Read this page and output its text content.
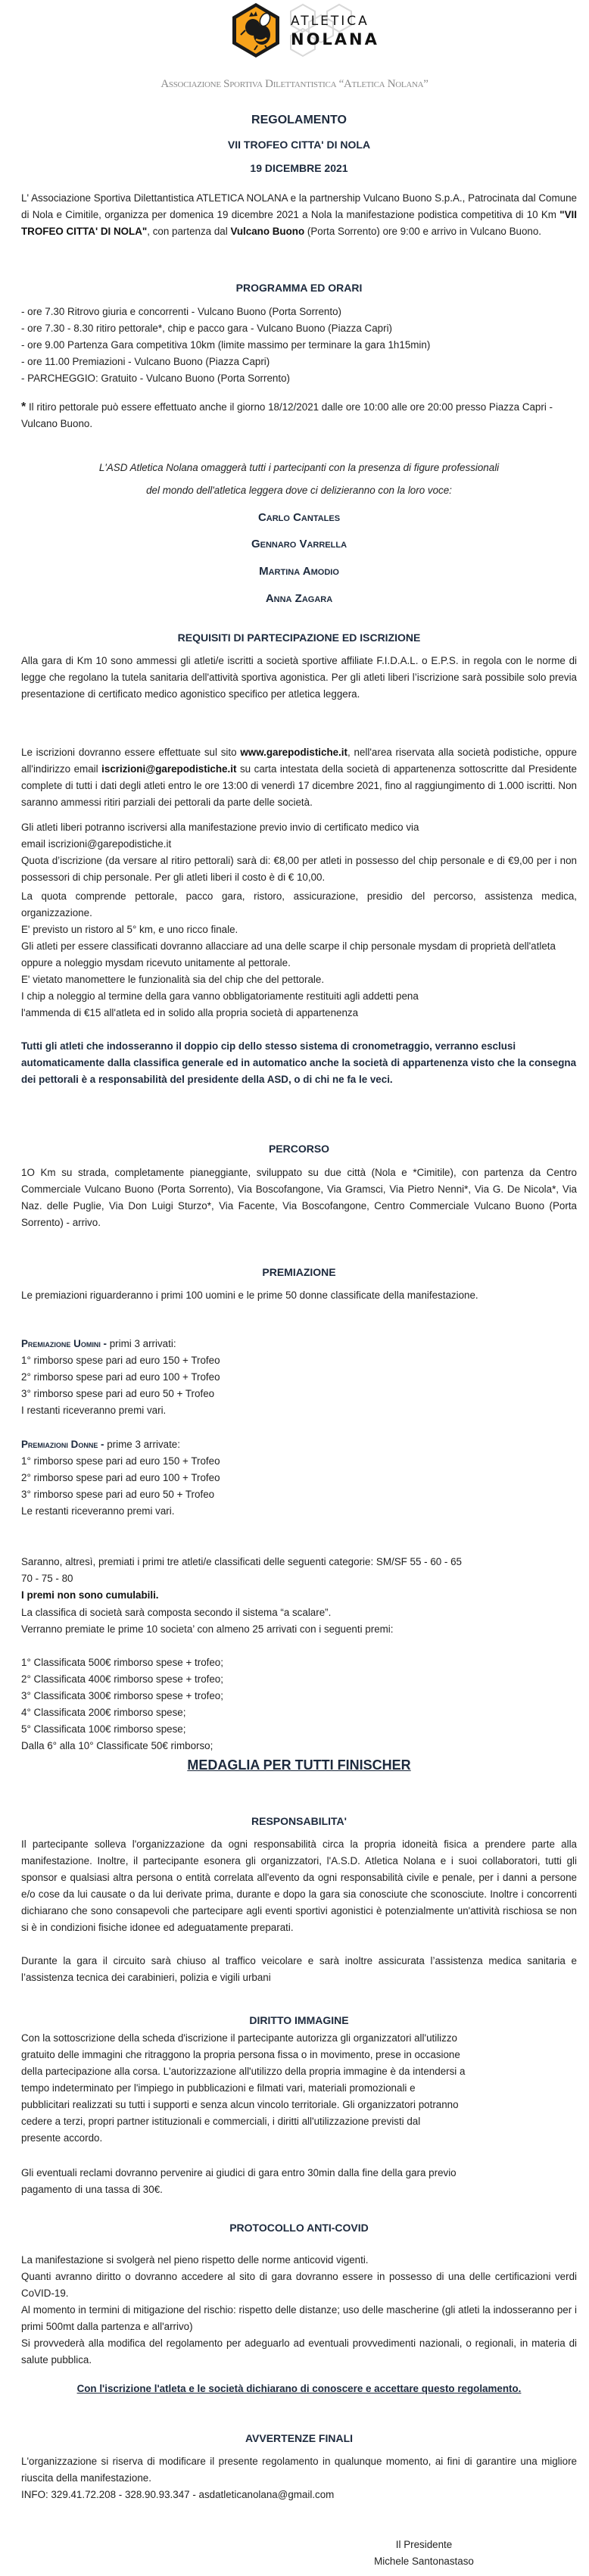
ATLETICA
NOLANA
Associazione Sportiva Dilettantistica “Atletica Nolana”
REGOLAMENTO
VII TROFEO CITTA' DI NOLA
19 DICEMBRE 2021

L' Associazione Sportiva Dilettantistica ATLETICA NOLANA e la partnership Vulcano Buono S.p.A., Patrocinata dal Comune di Nola e Cimitile, organizza per domenica 19 dicembre 2021 a Nola la manifestazione podistica competitiva di 10 Km "VII TROFEO CITTA' DI NOLA", con partenza dal Vulcano Buono (Porta Sorrento) ore 9:00 e arrivo in Vulcano Buono.

PROGRAMMA ED ORARI
- ore 7.30 Ritrovo giuria e concorrenti - Vulcano Buono (Porta Sorrento)
- ore 7.30 - 8.30 ritiro pettorale*, chip e pacco gara - Vulcano Buono (Piazza Capri)
- ore 9.00 Partenza Gara competitiva 10km (limite massimo per terminare la gara 1h15min)
- ore 11.00 Premiazioni - Vulcano Buono (Piazza Capri)
- PARCHEGGIO: Gratuito - Vulcano Buono (Porta Sorrento)

* Il ritiro pettorale può essere effettuato anche il giorno 18/12/2021 dalle ore 10:00 alle ore 20:00 presso Piazza Capri - Vulcano Buono.

L'ASD Atletica Nolana omaggerà tutti i partecipanti con la presenza di figure professionali
del mondo dell'atletica leggera dove ci delizieranno con la loro voce:
Carlo Cantales
Gennaro Varrella
Martina Amodio
Anna Zagara
REQUISITI DI PARTECIPAZIONE ED ISCRIZIONE

Alla gara di Km 10 sono ammessi gli atleti/e iscritti a società sportive affiliate F.I.D.A.L. o E.P.S. in regola con le norme di legge che regolano la tutela sanitaria dell'attività sportiva agonistica. Per gli atleti liberi l’iscrizione sarà possibile solo previa presentazione di certificato medico agonistico specifico per atletica leggera.

Le iscrizioni dovranno essere effettuate sul sito www.garepodistiche.it, nell'area riservata alla società podistiche, oppure all'indirizzo email iscrizioni@garepodistiche.it su carta intestata della società di appartenenza sottoscritte dal Presidente complete di tutti i dati degli atleti entro le ore 13:00 di venerdì 17 dicembre 2021, fino al raggiungimento di 1.000 iscritti. Non saranno ammessi ritiri parziali dei pettorali da parte delle società.

Gli atleti liberi potranno iscriversi alla manifestazione previo invio di certificato medico via
email iscrizioni@garepodistiche.it

Quota d’iscrizione (da versare al ritiro pettorali) sarà di: €8,00 per atleti in possesso del chip personale e di €9,00 per i non possessori di chip personale. Per gli atleti liberi il costo è di € 10,00.

La quota comprende pettorale, pacco gara, ristoro, assicurazione, presidio del percorso, assistenza medica, organizzazione.

E' previsto un ristoro al 5° km, e uno ricco finale.

Gli atleti per essere classificati dovranno allacciare ad una delle scarpe il chip personale mysdam di proprietà dell'atleta oppure a noleggio mysdam ricevuto unitamente al pettorale.

E' vietato manomettere le funzionalità sia del chip che del pettorale.

I chip a noleggio al termine della gara vanno obbligatoriamente restituiti agli addetti pena
l'ammenda di €15 all'atleta ed in solido alla propria società di appartenenza

Tutti gli atleti che indosseranno il doppio cip dello stesso sistema di cronometraggio, verranno esclusi automaticamente dalla classifica generale ed in automatico anche la società di appartenenza visto che la consegna dei pettorali è a responsabilità del presidente della ASD, o di chi ne fa le veci.

PERCORSO

1O Km su strada, completamente pianeggiante, sviluppato su due città (Nola e *Cimitile), con partenza da Centro Commerciale Vulcano Buono (Porta Sorrento), Via Boscofangone, Via Gramsci, Via Pietro Nenni*, Via G. De Nicola*, Via Naz. delle Puglie, Via Don Luigi Sturzo*, Via Facente, Via Boscofangone, Centro Commerciale Vulcano Buono (Porta Sorrento) - arrivo.

PREMIAZIONE

Le premiazioni riguarderanno i primi 100 uomini e le prime 50 donne classificate della manifestazione.

Premiazione Uomini - primi 3 arrivati:
1° rimborso spese pari ad euro 150 + Trofeo
2° rimborso spese pari ad euro 100 + Trofeo
3° rimborso spese pari ad euro 50 + Trofeo
I restanti riceveranno premi vari.
Premiazioni Donne - prime 3 arrivate:
1° rimborso spese pari ad euro 150 + Trofeo
2° rimborso spese pari ad euro 100 + Trofeo
3° rimborso spese pari ad euro 50 + Trofeo
Le restanti riceveranno premi vari.
Saranno, altresì, premiati i primi tre atleti/e classificati delle seguenti categorie: SM/SF 55 - 60 - 65
70 - 75 - 80
I premi non sono cumulabili.
La classifica di società sarà composta secondo il sistema “a scalare”.
Verranno premiate le prime 10 societa’ con almeno 25 arrivati con i seguenti premi:
1° Classificata 500€ rimborso spese + trofeo;
2° Classificata 400€ rimborso spese + trofeo;
3° Classificata 300€ rimborso spese + trofeo;
4° Classificata 200€ rimborso spese;
5° Classificata 100€ rimborso spese;
Dalla 6° alla 10° Classificate 50€ rimborso;
MEDAGLIA PER TUTTI FINISCHER
RESPONSABILITA'

Il partecipante solleva l'organizzazione da ogni responsabilità circa la propria idoneità fisica a prendere parte alla manifestazione. Inoltre, il partecipante esonera gli organizzatori, l'A.S.D. Atletica Nolana e i suoi collaboratori, tutti gli sponsor e qualsiasi altra persona o entità correlata all'evento da ogni responsabilità civile e penale, per i danni a persone e/o cose da lui causate o da lui derivate prima, durante e dopo la gara sia conosciute che sconosciute. Inoltre i concorrenti dichiarano che sono consapevoli che partecipare agli eventi sportivi agonistici è potenzialmente un'attività rischiosa se non si è in condizioni fisiche idonee ed adeguatamente preparati.

Durante la gara il circuito sarà chiuso al traffico veicolare e sarà inoltre assicurata l’assistenza medica sanitaria e l’assistenza tecnica dei carabinieri, polizia e vigili urbani

DIRITTO IMMAGINE
Con la sottoscrizione della scheda d'iscrizione il partecipante autorizza gli organizzatori all'utilizzo
gratuito delle immagini che ritraggono la propria persona fissa o in movimento, prese in occasione
della partecipazione alla corsa. L'autorizzazione all'utilizzo della propria immagine è da intendersi a
tempo indeterminato per l'impiego in pubblicazioni e filmati vari, materiali promozionali e
pubblicitari realizzati su tutti i supporti e senza alcun vincolo territoriale. Gli organizzatori potranno
cedere a terzi, propri partner istituzionali e commerciali, i diritti all'utilizzazione previsti dal
presente accordo.
Gli eventuali reclami dovranno pervenire ai giudici di gara entro 30min dalla fine della gara previo
pagamento di una tassa di 30€.
PROTOCOLLO ANTI-COVID

La manifestazione si svolgerà nel pieno rispetto delle norme anticovid vigenti.

Quanti avranno diritto o dovranno accedere al sito di gara dovranno essere in possesso di una delle certificazioni verdi CoVID-19.

Al momento in termini di mitigazione del rischio: rispetto delle distanze; uso delle mascherine (gli atleti la indosseranno per i primi 500mt dalla partenza e all'arrivo)

Si provvederà alla modifica del regolamento per adeguarlo ad eventuali provvedimenti nazionali, o regionali, in materia di salute pubblica.

Con l'iscrizione l'atleta e le società dichiarano di conoscere e accettare questo regolamento.
AVVERTENZE FINALI

L'organizzazione si riserva di modificare il presente regolamento in qualunque momento, ai fini di garantire una migliore riuscita della manifestazione.

INFO: 329.41.72.208 - 328.90.93.347 - asdatleticanolana@gmail.com

Il Presidente
Michele Santonastaso
